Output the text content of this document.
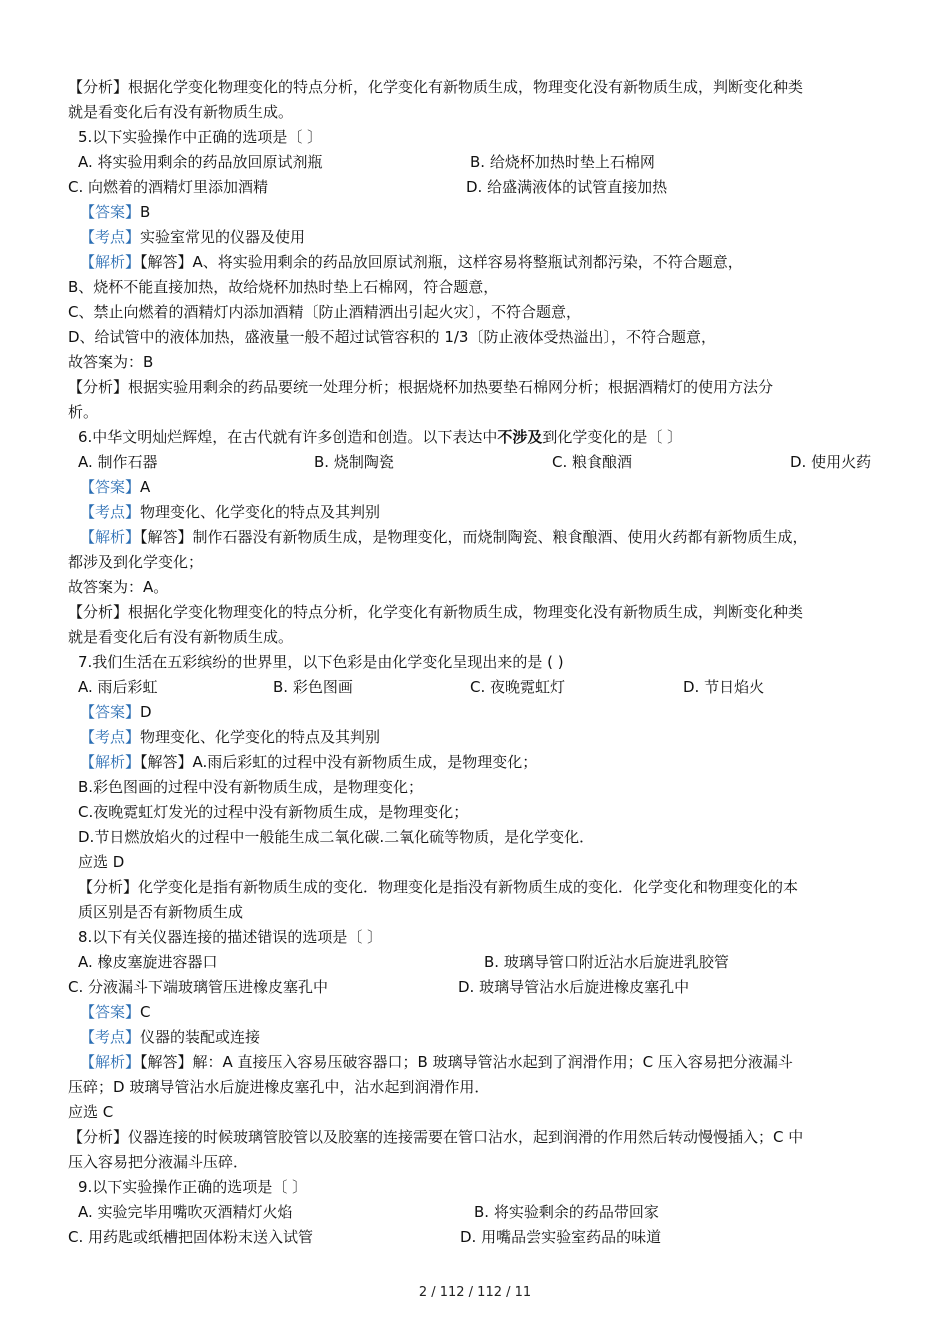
【分析】根据化学变化物理变化的特点分析，化学变化有新物质生成，物理变化没有新物质生成，判断变化种类
就是看变化后有没有新物质生成。
5.以下实验操作中正确的选项是〔 〕
A. 将实验用剩余的药品放回原试剂瓶	B. 给烧杯加热时垫上石棉网
C. 向燃着的酒精灯里添加酒精	D. 给盛满液体的试管直接加热
【答案】B
【考点】实验室常见的仪器及使用
【解析】【解答】A、将实验用剩余的药品放回原试剂瓶，这样容易将整瓶试剂都污染，不符合题意，
B、烧杯不能直接加热，故给烧杯加热时垫上石棉网，符合题意，
C、禁止向燃着的酒精灯内添加酒精〔防止酒精洒出引起火灾〕，不符合题意，
D、给试管中的液体加热，盛液量一般不超过试管容积的 1/3〔防止液体受热溢出〕，不符合题意，
故答案为：B
【分析】根据实验用剩余的药品要统一处理分析；根据烧杯加热要垫石棉网分析；根据酒精灯的使用方法分
析。
6.中华文明灿烂辉煌，在古代就有许多创造和创造。以下表达中不涉及到化学变化的是〔 〕
A. 制作石器	B. 烧制陶瓷	C. 粮食酿酒	D. 使用火药
【答案】A
【考点】物理变化、化学变化的特点及其判别
【解析】【解答】制作石器没有新物质生成，是物理变化，而烧制陶瓷、粮食酿酒、使用火药都有新物质生成，
都涉及到化学变化；
故答案为：A。
【分析】根据化学变化物理变化的特点分析，化学变化有新物质生成，物理变化没有新物质生成，判断变化种类
就是看变化后有没有新物质生成。
7.我们生活在五彩缤纷的世界里，以下色彩是由化学变化呈现出来的是 ( )
A. 雨后彩虹	B. 彩色图画	C. 夜晚霓虹灯	D. 节日焰火
【答案】D
【考点】物理变化、化学变化的特点及其判别
【解析】【解答】A.雨后彩虹的过程中没有新物质生成，是物理变化；
B.彩色图画的过程中没有新物质生成，是物理变化；
C.夜晚霓虹灯发光的过程中没有新物质生成，是物理变化；
D.节日燃放焰火的过程中一般能生成二氧化碳.二氧化硫等物质，是化学变化．
应选 D
【分析】化学变化是指有新物质生成的变化．物理变化是指没有新物质生成的变化．化学变化和物理变化的本
质区别是否有新物质生成
8.以下有关仪器连接的描述错误的选项是〔 〕
A. 橡皮塞旋进容器口	B. 玻璃导管口附近沾水后旋进乳胶管
C. 分液漏斗下端玻璃管压进橡皮塞孔中	D. 玻璃导管沾水后旋进橡皮塞孔中
【答案】C
【考点】仪器的装配或连接
【解析】【解答】解：A 直接压入容易压破容器口；B 玻璃导管沾水起到了润滑作用；C 压入容易把分液漏斗
压碎；D 玻璃导管沾水后旋进橡皮塞孔中，沾水起到润滑作用．
应选 C
【分析】仪器连接的时候玻璃管胶管以及胶塞的连接需要在管口沾水，起到润滑的作用然后转动慢慢插入；C 中
压入容易把分液漏斗压碎．
9.以下实验操作正确的选项是〔 〕
A. 实验完毕用嘴吹灭酒精灯火焰	B. 将实验剩余的药品带回家
C. 用药匙或纸槽把固体粉末送入试管	D. 用嘴品尝实验室药品的味道
2 / 112 / 112 / 11
